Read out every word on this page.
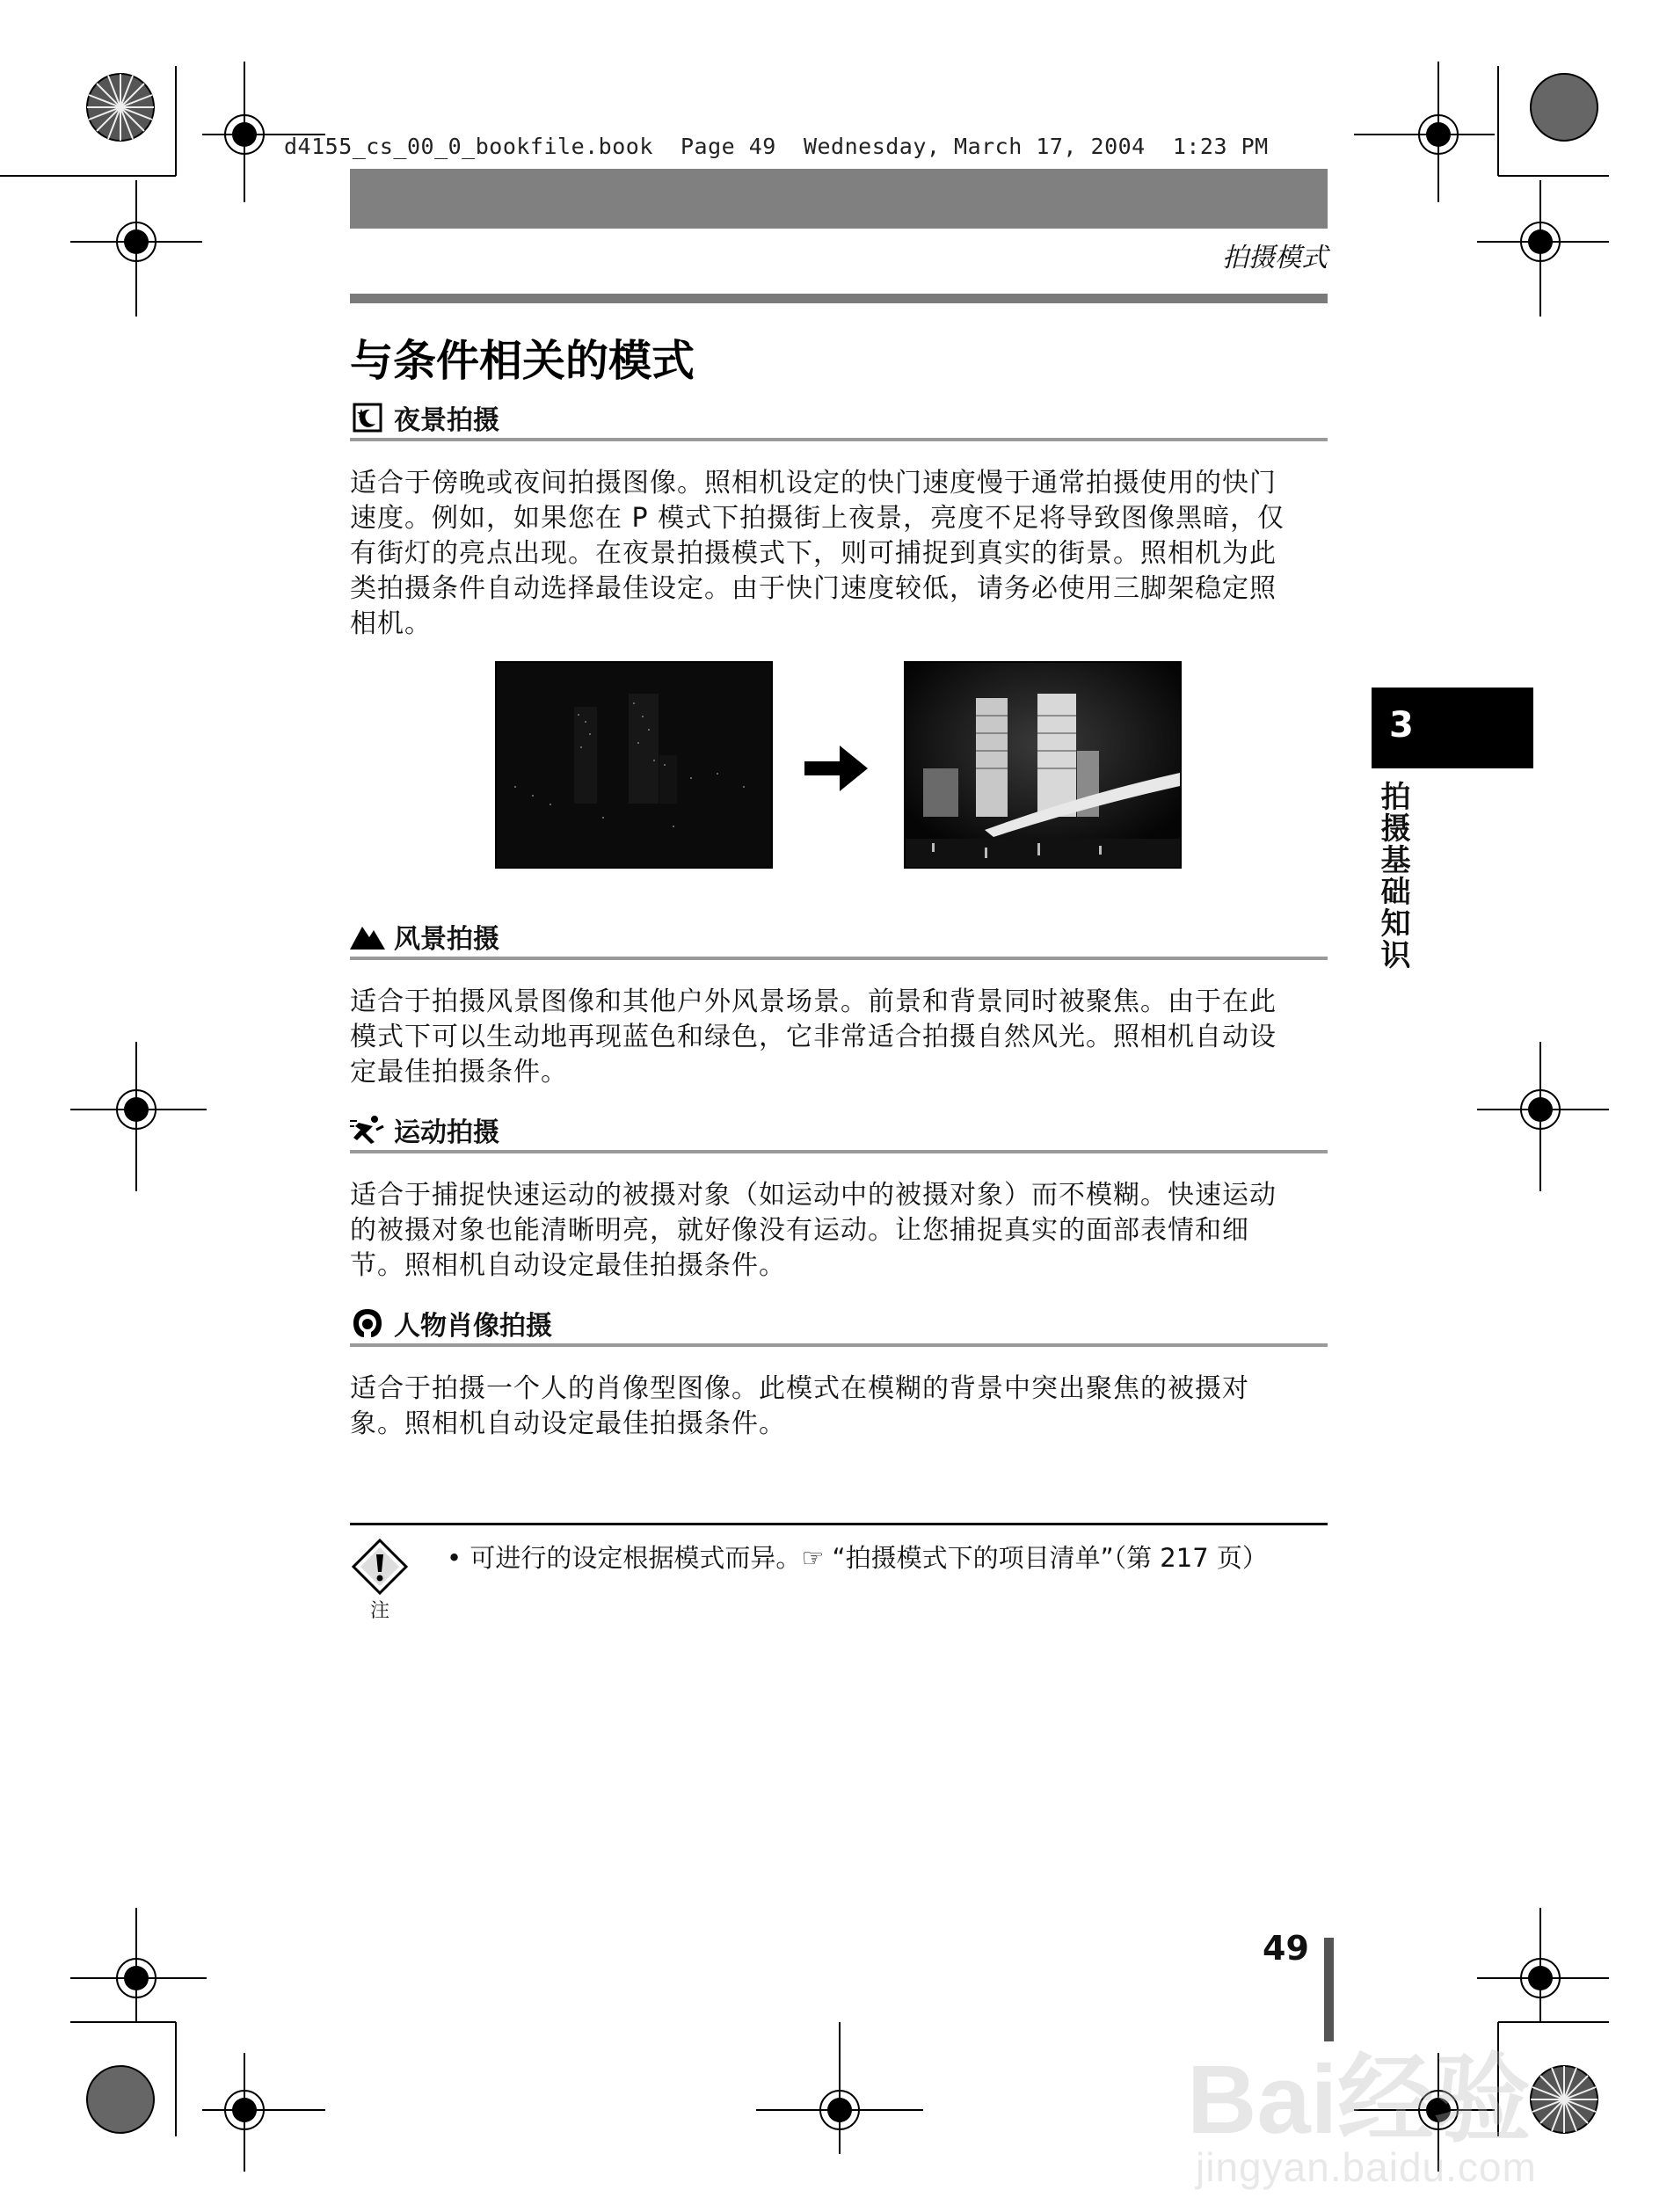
d4155_cs_00_0_bookfile.book  Page 49  Wednesday, March 17, 2004  1:23 PM
拍摄模式
与条件相关的模式
夜景拍摄

适合于傍晚或夜间拍摄图像。照相机设定的快门速度慢于通常拍摄使用的快门
速度。例如，如果您在 P 模式下拍摄街上夜景，亮度不足将导致图像黑暗，仅
有街灯的亮点出现。在夜景拍摄模式下，则可捕捉到真实的街景。照相机为此
类拍摄条件自动选择最佳设定。由于快门速度较低，请务必使用三脚架稳定照
相机。

3
拍摄基础知识
风景拍摄

适合于拍摄风景图像和其他户外风景场景。前景和背景同时被聚焦。由于在此
模式下可以生动地再现蓝色和绿色，它非常适合拍摄自然风光。照相机自动设
定最佳拍摄条件。

运动拍摄

适合于捕捉快速运动的被摄对象（如运动中的被摄对象）而不模糊。快速运动
的被摄对象也能清晰明亮，就好像没有运动。让您捕捉真实的面部表情和细
节。照相机自动设定最佳拍摄条件。

人物肖像拍摄

适合于拍摄一个人的肖像型图像。此模式在模糊的背景中突出聚焦的被摄对
象。照相机自动设定最佳拍摄条件。

注
• 可进行的设定根据模式而异。☞ “拍摄模式下的项目清单”（第 217 页）
49
Bai经验
jingyan.baidu.com
